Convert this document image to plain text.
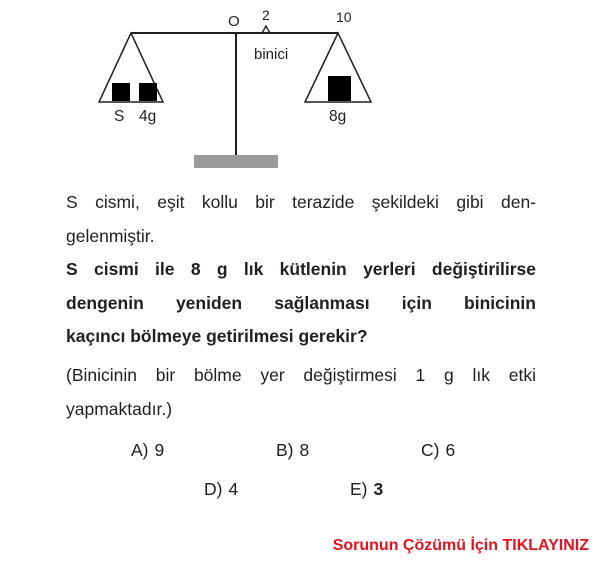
O 2	10
binici
S 4g	8g
S cismi, eşit kollu bir terazide şekildeki gibi den-
gelenmiştir.
S cismi ile 8 g lık kütlenin yerleri değiştirilirse
dengenin yeniden sağlanması için binicinin
kaçıncı bölmeye getirilmesi gerekir?
(Binicinin bir bölme yer değiştirmesi 1 g lık etki
yapmaktadır.)
A) 9	B) 8	C) 6
D) 4	E) 3
Sorunun Çözümü İçin TIKLAYINIZ
